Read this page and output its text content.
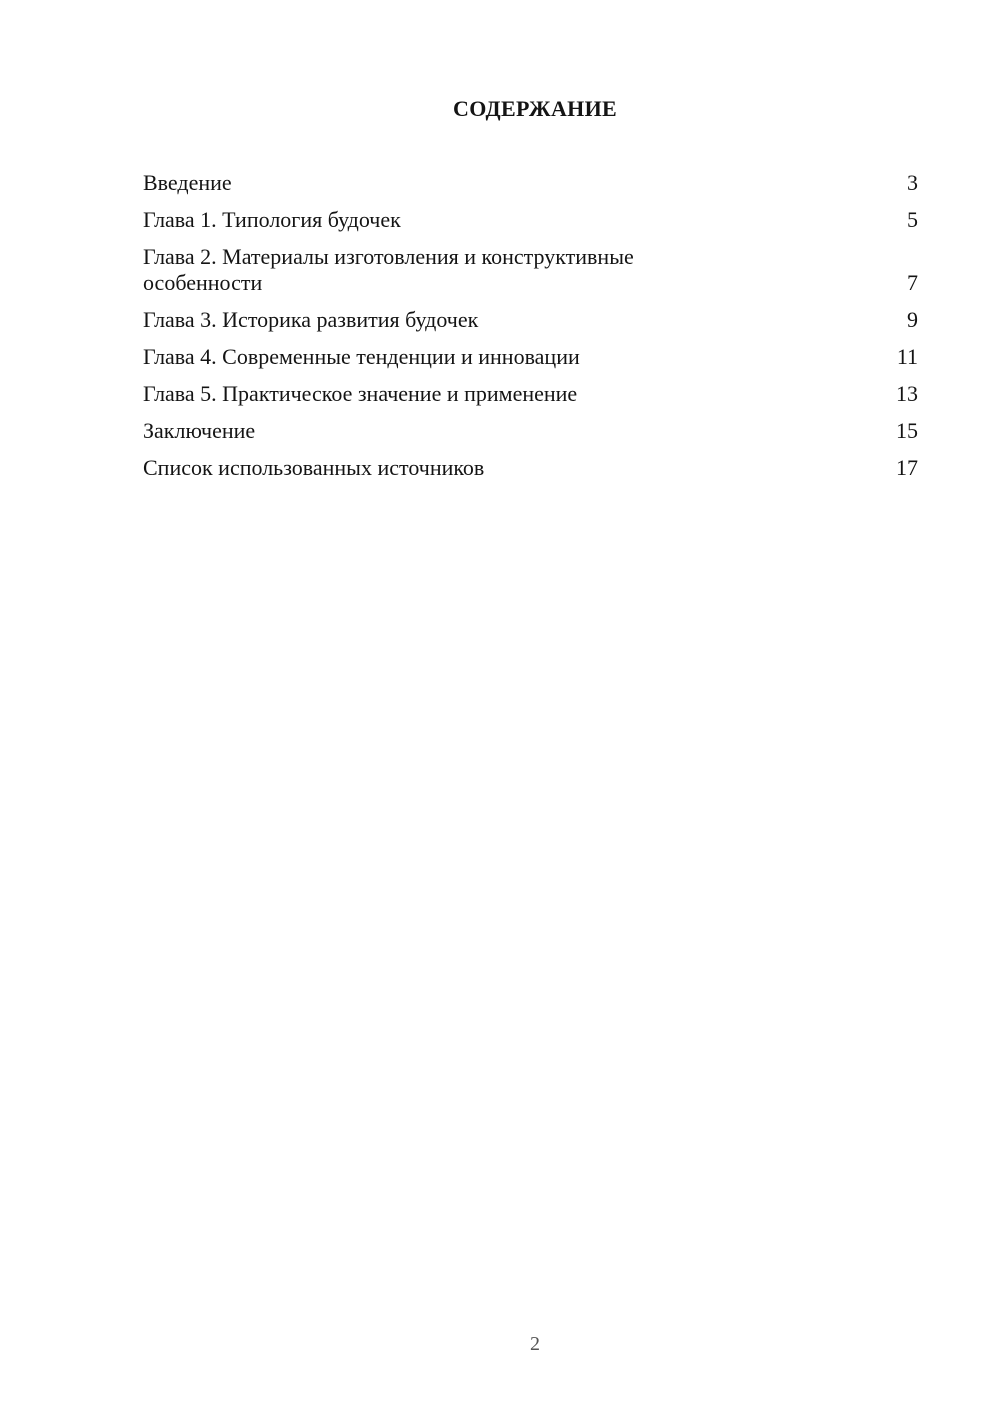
СОДЕРЖАНИЕ
Введение	3
Глава 1. Типология будочек	5
Глава 2. Материалы изготовления и конструктивные особенности	7
Глава 3. Историка развития будочек	9
Глава 4. Современные тенденции и инновации	11
Глава 5. Практическое значение и применение	13
Заключение	15
Список использованных источников	17
2
